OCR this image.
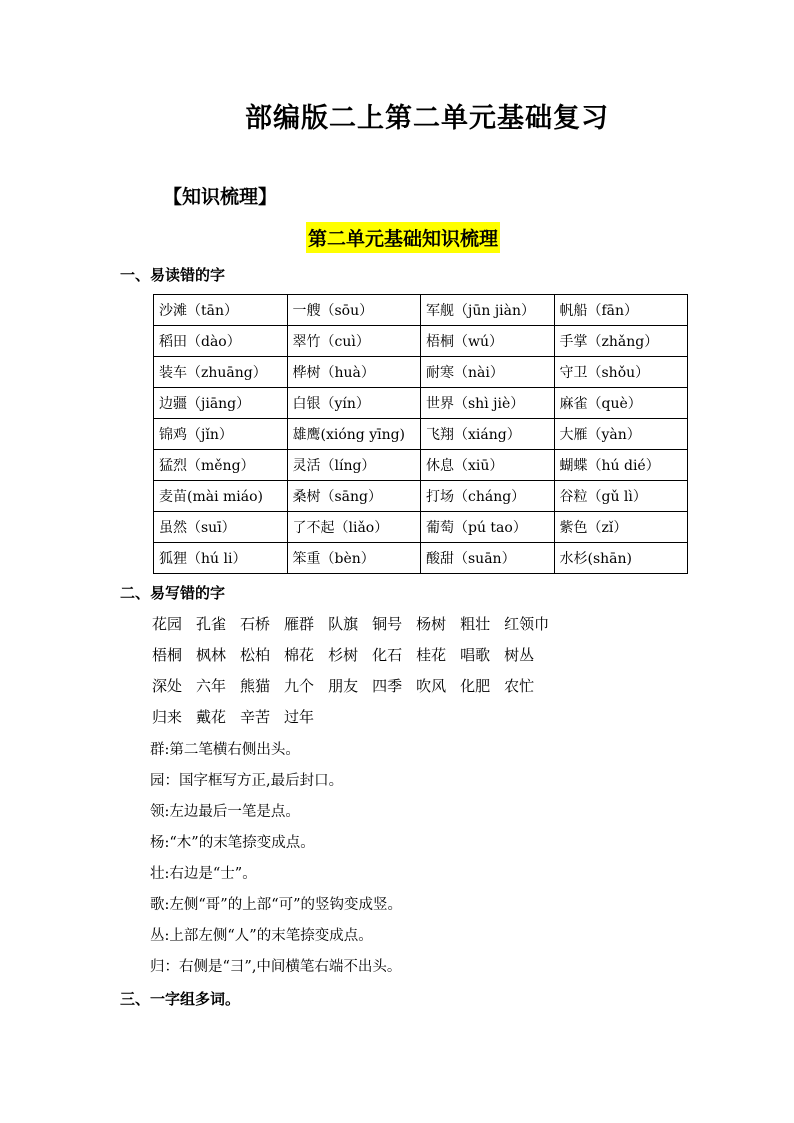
部编版二上第二单元基础复习
【知识梳理】
第二单元基础知识梳理
一、易读错的字
沙滩（tān）	一艘（sōu）	军舰（jūn jiàn）	帆船（fān）
稻田（dào）	翠竹（cuì）	梧桐（wú）	手掌（zhǎng）
装车（zhuāng）	桦树（huà）	耐寒（nài）	守卫（shǒu）
边疆（jiāng）	白银（yín）	世界（shì jiè）	麻雀（què）
锦鸡（jǐn）	雄鹰(xióng yīng)	飞翔（xiáng）	大雁（yàn）
猛烈（měng）	灵活（líng）	休息（xiū）	蝴蝶（hú dié）
麦苗(mài miáo)	桑树（sāng）	打场（cháng）	谷粒（gǔ lì）
虽然（suī）	了不起（liǎo）	葡萄（pú tao）	紫色（zǐ）
狐狸（hú li）	笨重（bèn）	酸甜（suān）	水杉(shān)
二、易写错的字
花园 孔雀 石桥 雁群 队旗 铜号 杨树 粗壮 红领巾
梧桐 枫林 松柏 棉花 杉树 化石 桂花 唱歌 树丛
深处 六年 熊猫 九个 朋友 四季 吹风 化肥 农忙
归来 戴花 辛苦 过年
群:第二笔横右侧出头。
园：国字框写方正,最后封口。
领:左边最后一笔是点。
杨:“木”的末笔捺变成点。
壮:右边是“士”。
歌:左侧“哥”的上部“可”的竖钩变成竖。
丛:上部左侧“人”的末笔捺变成点。
归：右侧是“彐”,中间横笔右端不出头。
三、一字组多词。
